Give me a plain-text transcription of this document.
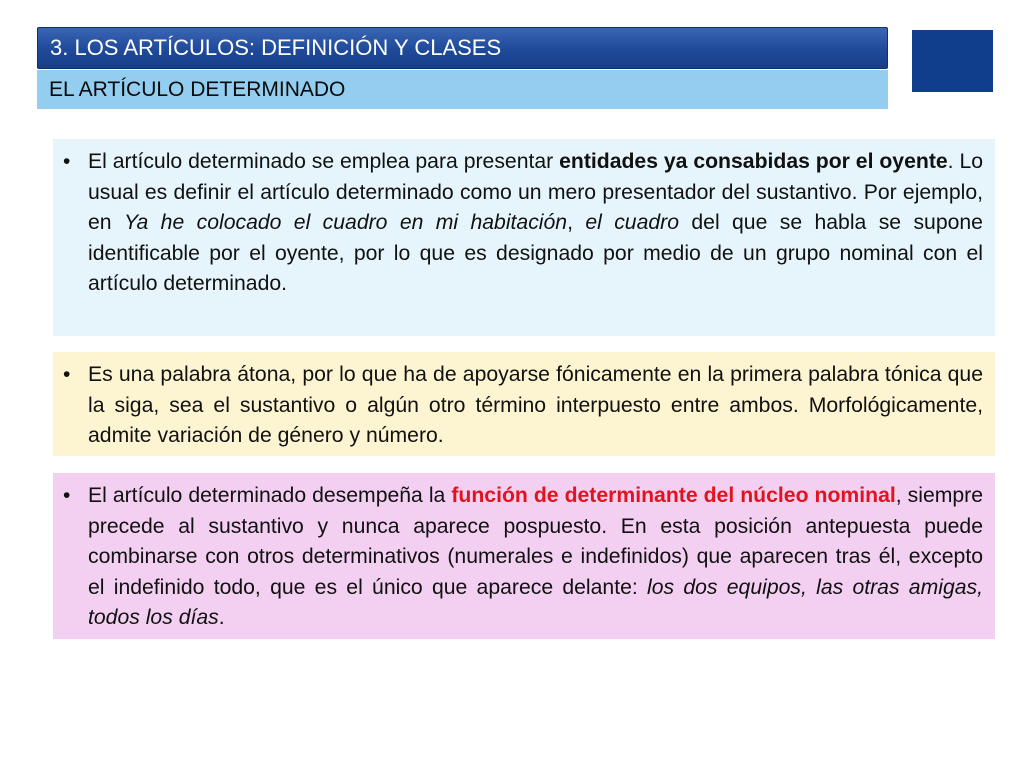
3. LOS ARTÍCULOS: DEFINICIÓN Y CLASES
EL ARTÍCULO DETERMINADO
• El artículo determinado se emplea para presentar entidades ya consabidas por el oyente. Lo usual es definir el artículo determinado como un mero presentador del sustantivo. Por ejemplo, en Ya he colocado el cuadro en mi habitación, el cuadro del que se habla se supone identificable por el oyente, por lo que es designado por medio de un grupo nominal con el artículo determinado.
• Es una palabra átona, por lo que ha de apoyarse fónicamente en la primera palabra tónica que la siga, sea el sustantivo o algún otro término interpuesto entre ambos. Morfológicamente, admite variación de género y número.
• El artículo determinado desempeña la función de determinante del núcleo nominal, siempre precede al sustantivo y nunca aparece pospuesto. En esta posición antepuesta puede combinarse con otros determinativos (numerales e indefinidos) que aparecen tras él, excepto el indefinido todo, que es el único que aparece delante: los dos equipos, las otras amigas, todos los días.
